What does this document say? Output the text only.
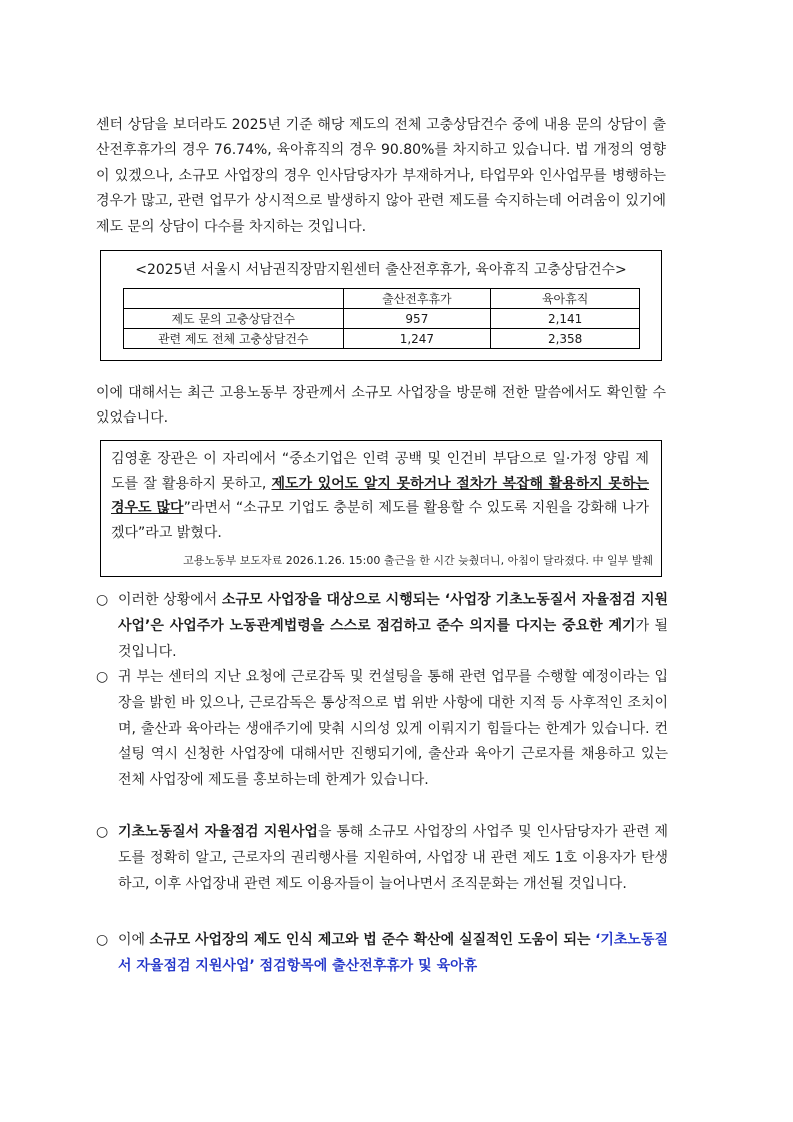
센터 상담을 보더라도 2025년 기준 해당 제도의 전체 고충상담건수 중에 내용 문의 상담이 출산전후휴가의 경우 76.74%, 육아휴직의 경우 90.80%를 차지하고 있습니다. 법 개정의 영향이 있겠으나, 소규모 사업장의 경우 인사담당자가 부재하거나, 타업무와 인사업무를 병행하는 경우가 많고, 관련 업무가 상시적으로 발생하지 않아 관련 제도를 숙지하는데 어려움이 있기에 제도 문의 상담이 다수를 차지하는 것입니다.
<2025년 서울시 서남권직장맘지원센터 출산전후휴가, 육아휴직 고충상담건수>
	출산전후휴가	육아휴직
제도 문의 고충상담건수	957	2,141
관련 제도 전체 고충상담건수	1,247	2,358
이에 대해서는 최근 고용노동부 장관께서 소규모 사업장을 방문해 전한 말씀에서도 확인할 수 있었습니다.
김영훈 장관은 이 자리에서 “중소기업은 인력 공백 및 인건비 부담으로 일·가정 양립 제도를 잘 활용하지 못하고, 제도가 있어도 알지 못하거나 절차가 복잡해 활용하지 못하는 경우도 많다”라면서 “소규모 기업도 충분히 제도를 활용할 수 있도록 지원을 강화해 나가겠다”라고 밝혔다.
고용노동부 보도자료 2026.1.26. 15:00 출근을 한 시간 늦췄더니, 아침이 달라졌다. 中 일부 발췌
○ 이러한 상황에서 소규모 사업장을 대상으로 시행되는 ‘사업장 기초노동질서 자율점검 지원사업’은 사업주가 노동관계법령을 스스로 점검하고 준수 의지를 다지는 중요한 계기가 될 것입니다.
○ 귀 부는 센터의 지난 요청에 근로감독 및 컨설팅을 통해 관련 업무를 수행할 예정이라는 입장을 밝힌 바 있으나, 근로감독은 통상적으로 법 위반 사항에 대한 지적 등 사후적인 조치이며, 출산과 육아라는 생애주기에 맞춰 시의성 있게 이뤄지기 힘들다는 한계가 있습니다. 컨설팅 역시 신청한 사업장에 대해서만 진행되기에, 출산과 육아기 근로자를 채용하고 있는 전체 사업장에 제도를 홍보하는데 한계가 있습니다.
○ 기초노동질서 자율점검 지원사업을 통해 소규모 사업장의 사업주 및 인사담당자가 관련 제도를 정확히 알고, 근로자의 권리행사를 지원하여, 사업장 내 관련 제도 1호 이용자가 탄생하고, 이후 사업장내 관련 제도 이용자들이 늘어나면서 조직문화는 개선될 것입니다.
○ 이에 소규모 사업장의 제도 인식 제고와 법 준수 확산에 실질적인 도움이 되는 ‘기초노동질서 자율점검 지원사업’ 점검항목에 출산전후휴가 및 육아휴
